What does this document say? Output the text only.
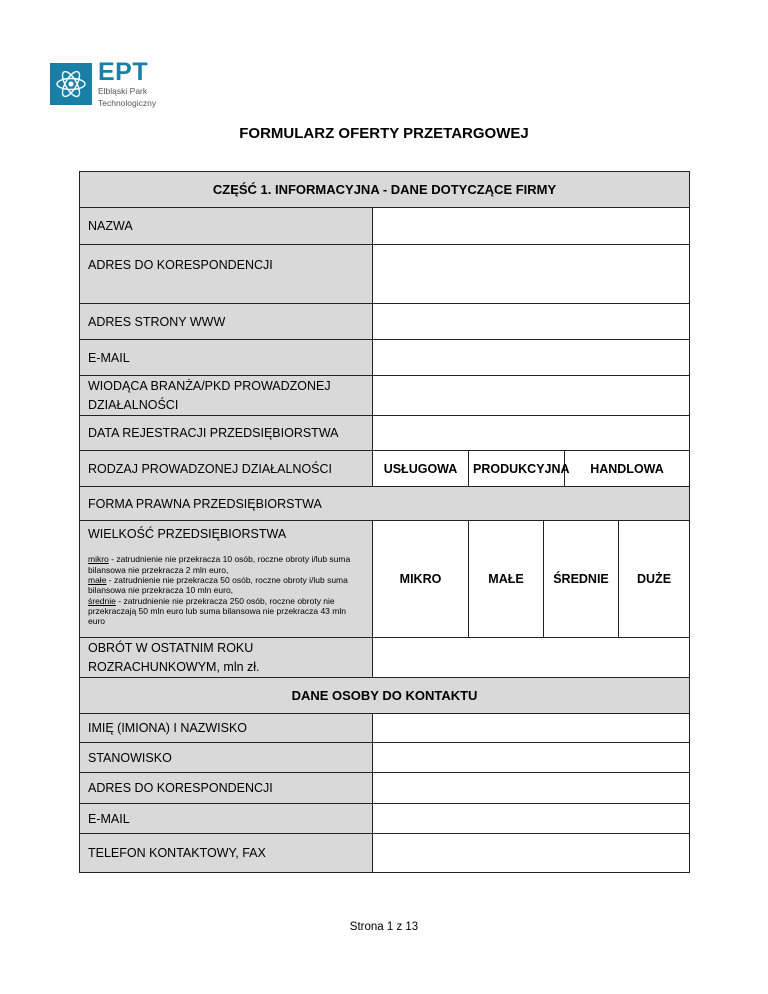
EPT
Elbląski Park
Technologiczny
FORMULARZ OFERTY PRZETARGOWEJ
CZĘŚĆ 1. INFORMACYJNA - DANE DOTYCZĄCE FIRMY					
NAZWA					
ADRES DO KORESPONDENCJI					
ADRES STRONY WWW					
E-MAIL					
WIODĄCA BRANŻA/PKD PROWADZONEJ DZIAŁALNOŚCI					
DATA REJESTRACJI PRZEDSIĘBIORSTWA					
RODZAJ PROWADZONEJ DZIAŁALNOŚCI	USŁUGOWA	PRODUKCYJNA		HANDLOWA	
FORMA PRAWNA PRZEDSIĘBIORSTWA					

WIELKOŚĆ PRZEDSIĘBIORSTWA
mikro - zatrudnienie nie przekracza 10 osób, roczne obroty i/lub suma bilansowa nie przekracza 2 mln euro,
małe - zatrudnienie nie przekracza 50 osób, roczne obroty i/lub suma bilansowa nie przekracza 10 mln euro,
średnie - zatrudnienie nie przekracza 250 osób, roczne obroty nie przekraczają 50 mln euro lub suma bilansowa nie przekracza 43 mln euro	MIKRO	MAŁE	ŚREDNIE		DUŻE
OBRÓT W OSTATNIM ROKU ROZRACHUNKOWYM, mln zł.					
DANE OSOBY DO KONTAKTU					
IMIĘ (IMIONA) I NAZWISKO					
STANOWISKO					
ADRES DO KORESPONDENCJI					
E-MAIL					
TELEFON KONTAKTOWY, FAX					
Strona 1 z 13
